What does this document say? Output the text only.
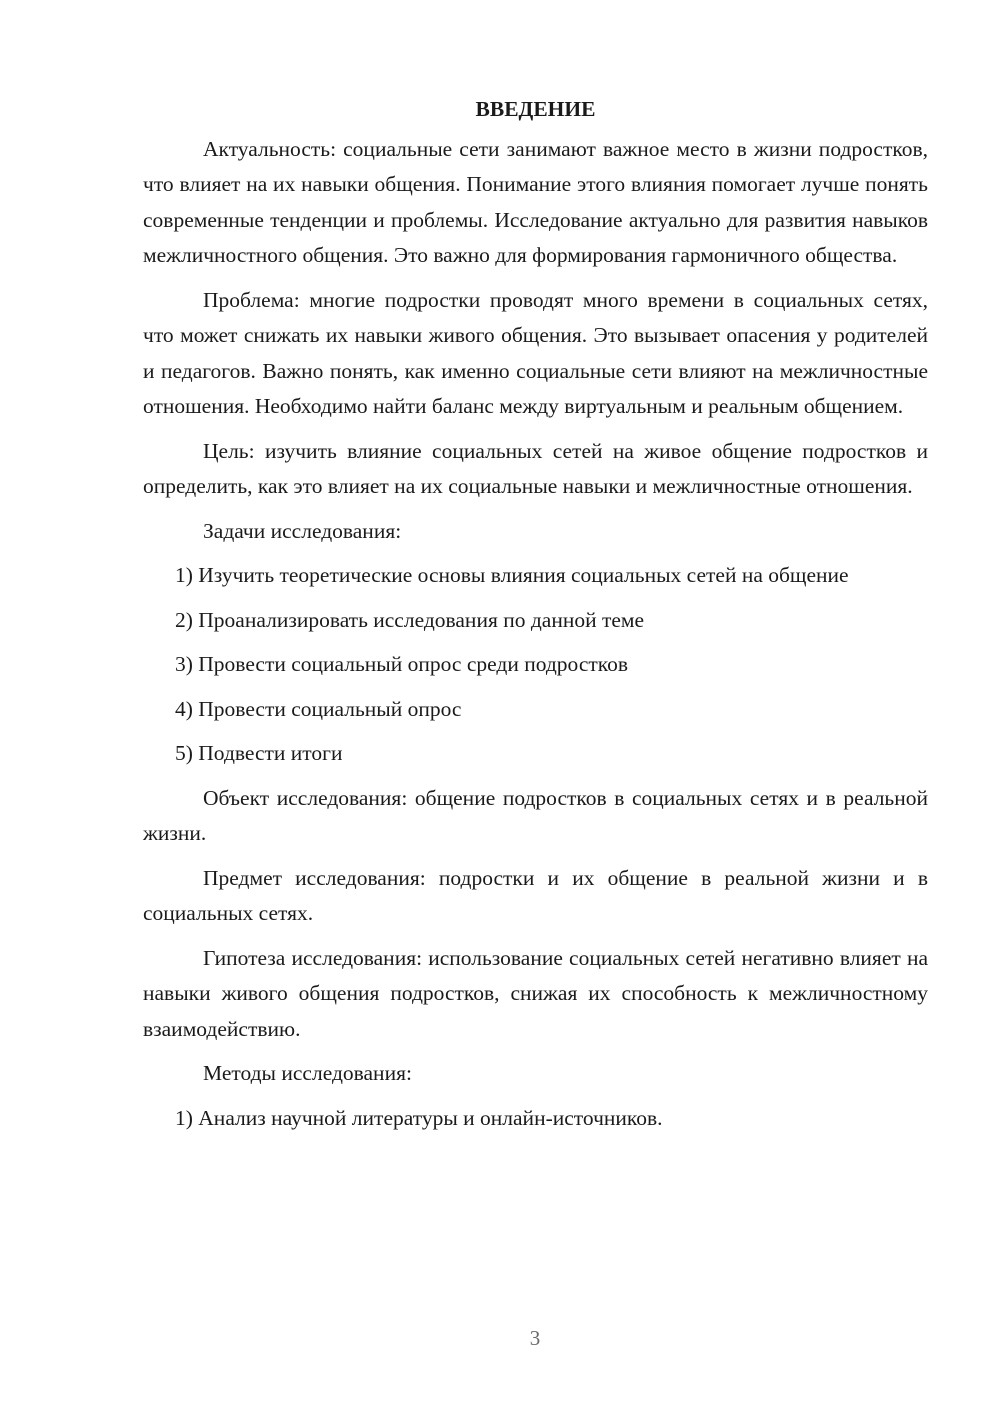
ВВЕДЕНИЕ

Актуальность: социальные сети занимают важное место в жизни подростков, что влияет на их навыки общения. Понимание этого влияния помогает лучше понять современные тенденции и проблемы. Исследование актуально для развития навыков межличностного общения. Это важно для формирования гармоничного общества.

Проблема: многие подростки проводят много времени в социальных сетях, что может снижать их навыки живого общения. Это вызывает опасения у родителей и педагогов. Важно понять, как именно социальные сети влияют на межличностные отношения. Необходимо найти баланс между виртуальным и реальным общением.

Цель: изучить влияние социальных сетей на живое общение подростков и определить, как это влияет на их социальные навыки и межличностные отношения.

Задачи исследования:

1) Изучить теоретические основы влияния социальных сетей на общение

2) Проанализировать исследования по данной теме

3) Провести социальный опрос среди подростков

4) Провести социальный опрос

5) Подвести итоги

Объект исследования: общение подростков в социальных сетях и в реальной жизни.

Предмет исследования: подростки и их общение в реальной жизни и в социальных сетях.

Гипотеза исследования: использование социальных сетей негативно влияет на навыки живого общения подростков, снижая их способность к межличностному взаимодействию.

Методы исследования:

1) Анализ научной литературы и онлайн-источников.

3
